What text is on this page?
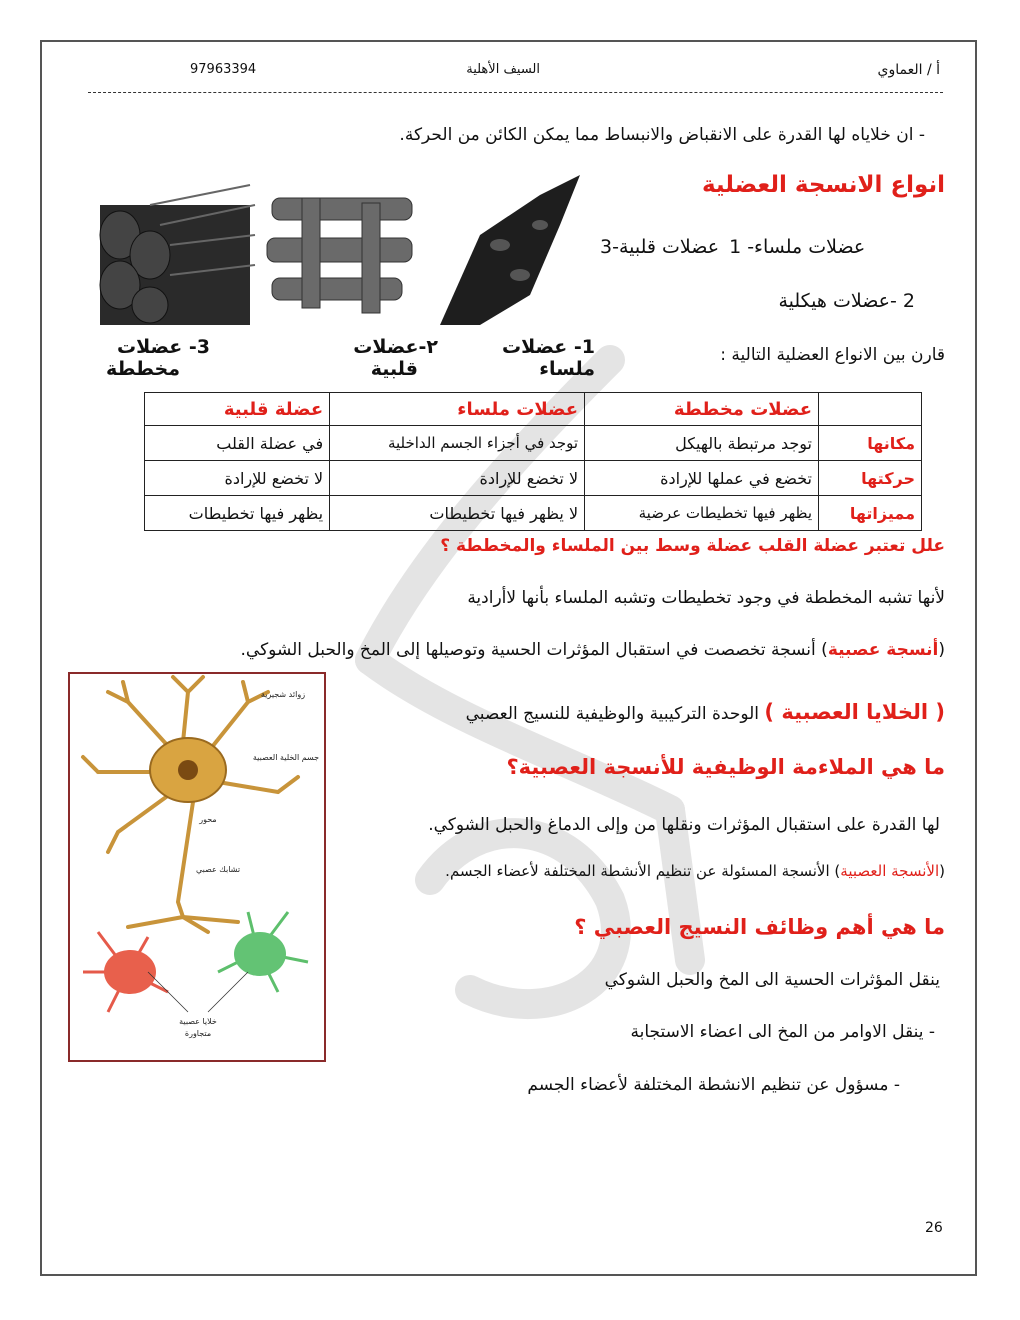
97963394	السيف الأهلية	أ / العماوي
- ان خلاياه لها القدرة على الانقباض والانبساط مما يمكن الكائن من الحركة.
انواع الانسجة العضلية
1 -عضلات ملساء
3-عضلات قلبية
2 -عضلات هيكلية
3- عضلات
مخططة
٢-عضلات
قلبية
1- عضلات
ملساء
قارن بين الانواع العضلية التالية :
	عضلات مخططة	عضلات ملساء	عضلة قلبية
مكانها	توجد مرتبطة بالهيكل	توجد في أجزاء الجسم الداخلية	في عضلة القلب
حركتها	تخضع في عملها للإرادة	لا تخضع للإرادة	لا تخضع للإرادة
مميزاتها	يظهر فيها تخطيطات عرضية	لا يظهر فيها تخطيطات	يظهر فيها تخطيطات
علل تعتبر عضلة القلب عضلة وسط بين الملساء والمخططة ؟
لأنها تشبه المخططة في وجود تخطيطات وتشبه الملساء بأنها لاأرادية
(أنسجة عصبية) أنسجة تخصصت في استقبال المؤثرات الحسية وتوصيلها إلى المخ والحبل الشوكي.
زوائد شجيرية
جسم الخلية العصبية
محور
تشابك عصبي
خلايا عصبية
متجاورة
( الخلايا العصبية ) الوحدة التركيبية والوظيفية للنسيج العصبي
ما هي الملاءمة الوظيفية للأنسجة العصبية؟
لها القدرة على استقبال المؤثرات ونقلها من وإلى الدماغ والحبل الشوكي.
(الأنسجة العصبية) الأنسجة المسئولة عن تنظيم الأنشطة المختلفة لأعضاء الجسم.
ما هي أهم وظائف النسيج العصبي ؟
ينقل المؤثرات الحسية الى المخ والحبل الشوكي
- ينقل الاوامر من المخ الى اعضاء الاستجابة
- مسؤول عن تنظيم الانشطة المختلفة لأعضاء الجسم
26
